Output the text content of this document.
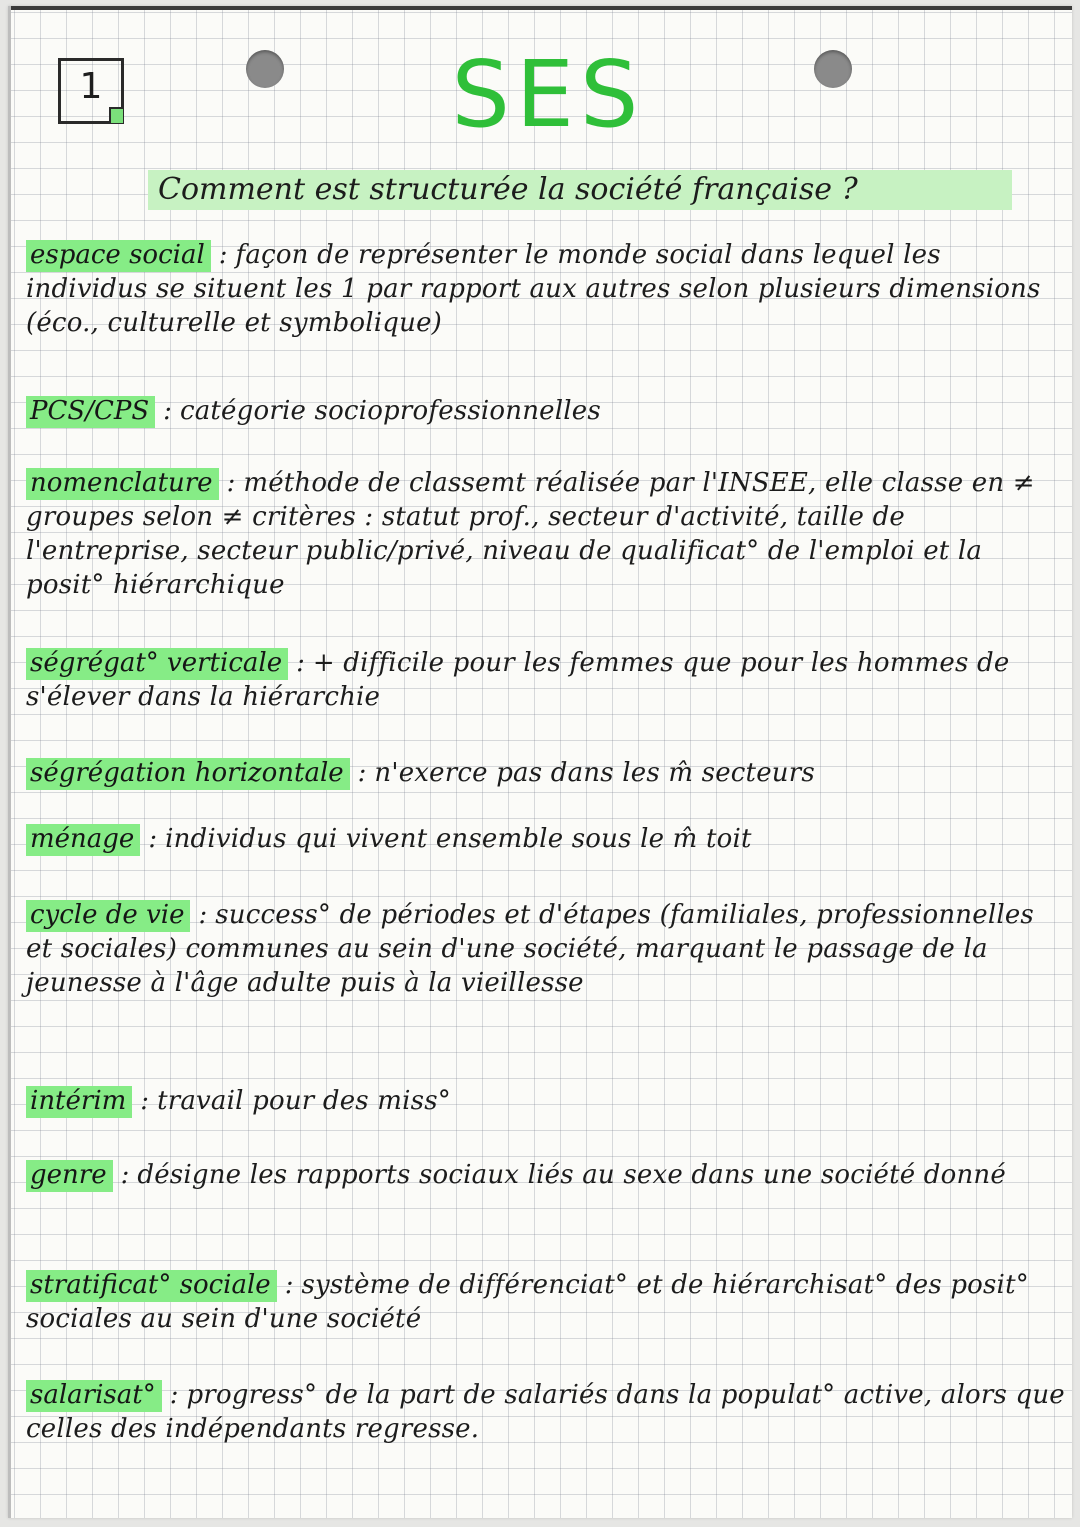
1	SES
Comment est structurée la société française ?
espace social : façon de représenter le monde social dans lequel les individus se situent les 1 par rapport aux autres selon plusieurs dimensions (éco., culturelle et symbolique)
PCS/CPS : catégorie socioprofessionnelles
nomenclature : méthode de classemt réalisée par l'INSEE, elle classe en ≠ groupes selon ≠ critères : statut prof., secteur d'activité, taille de l'entreprise, secteur public/privé, niveau de qualificat° de l'emploi et la posit° hiérarchique
ségrégat° verticale : + difficile pour les femmes que pour les hommes de s'élever dans la hiérarchie
ségrégation horizontale : n'exerce pas dans les m̂ secteurs
ménage : individus qui vivent ensemble sous le m̂ toit
cycle de vie : success° de périodes et d'étapes (familiales, professionnelles et sociales) communes au sein d'une société, marquant le passage de la jeunesse à l'âge adulte puis à la vieillesse
intérim : travail pour des miss°
genre : désigne les rapports sociaux liés au sexe dans une société donné
stratificat° sociale : système de différenciat° et de hiérarchisat° des posit° sociales au sein d'une société
salarisat° : progress° de la part de salariés dans la populat° active, alors que celles des indépendants regresse.
